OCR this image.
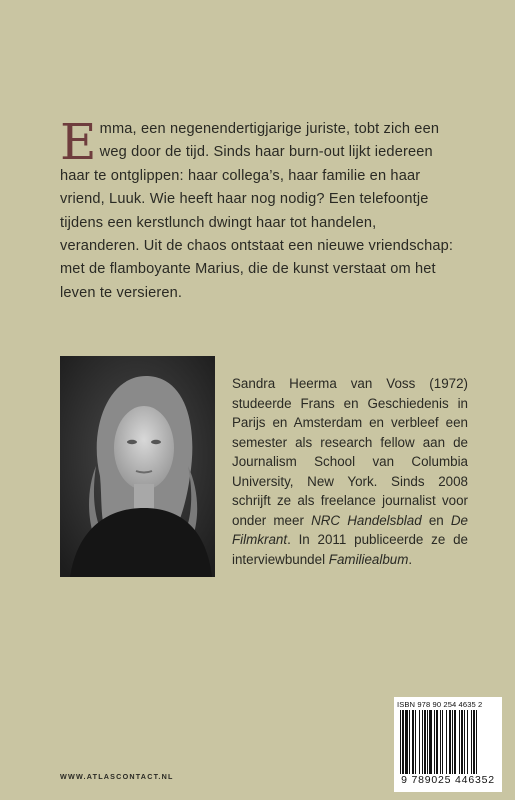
Emma, een negenendertigjarige juriste, tobt zich een weg door de tijd. Sinds haar burn-out lijkt iedereen haar te ontglippen: haar collega’s, haar familie en haar vriend, Luuk. Wie heeft haar nog nodig? Een telefoontje tijdens een kerstlunch dwingt haar tot handelen, veranderen. Uit de chaos ontstaat een nieuwe vriendschap: met de flamboyante Marius, die de kunst verstaat om het leven te versieren.

Sandra Heerma van Voss (1972) studeerde Frans en Geschiedenis in Parijs en Amsterdam en verbleef een semester als research fellow aan de Journalism School van Columbia University, New York. Sinds 2008 schrijft ze als freelance journalist voor onder meer NRC Handelsblad en De Filmkrant. In 2011 publiceerde ze de interviewbundel Familiealbum.

ISBN 978 90 254 4635 2
9 789025 446352
WWW.ATLASCONTACT.NL
